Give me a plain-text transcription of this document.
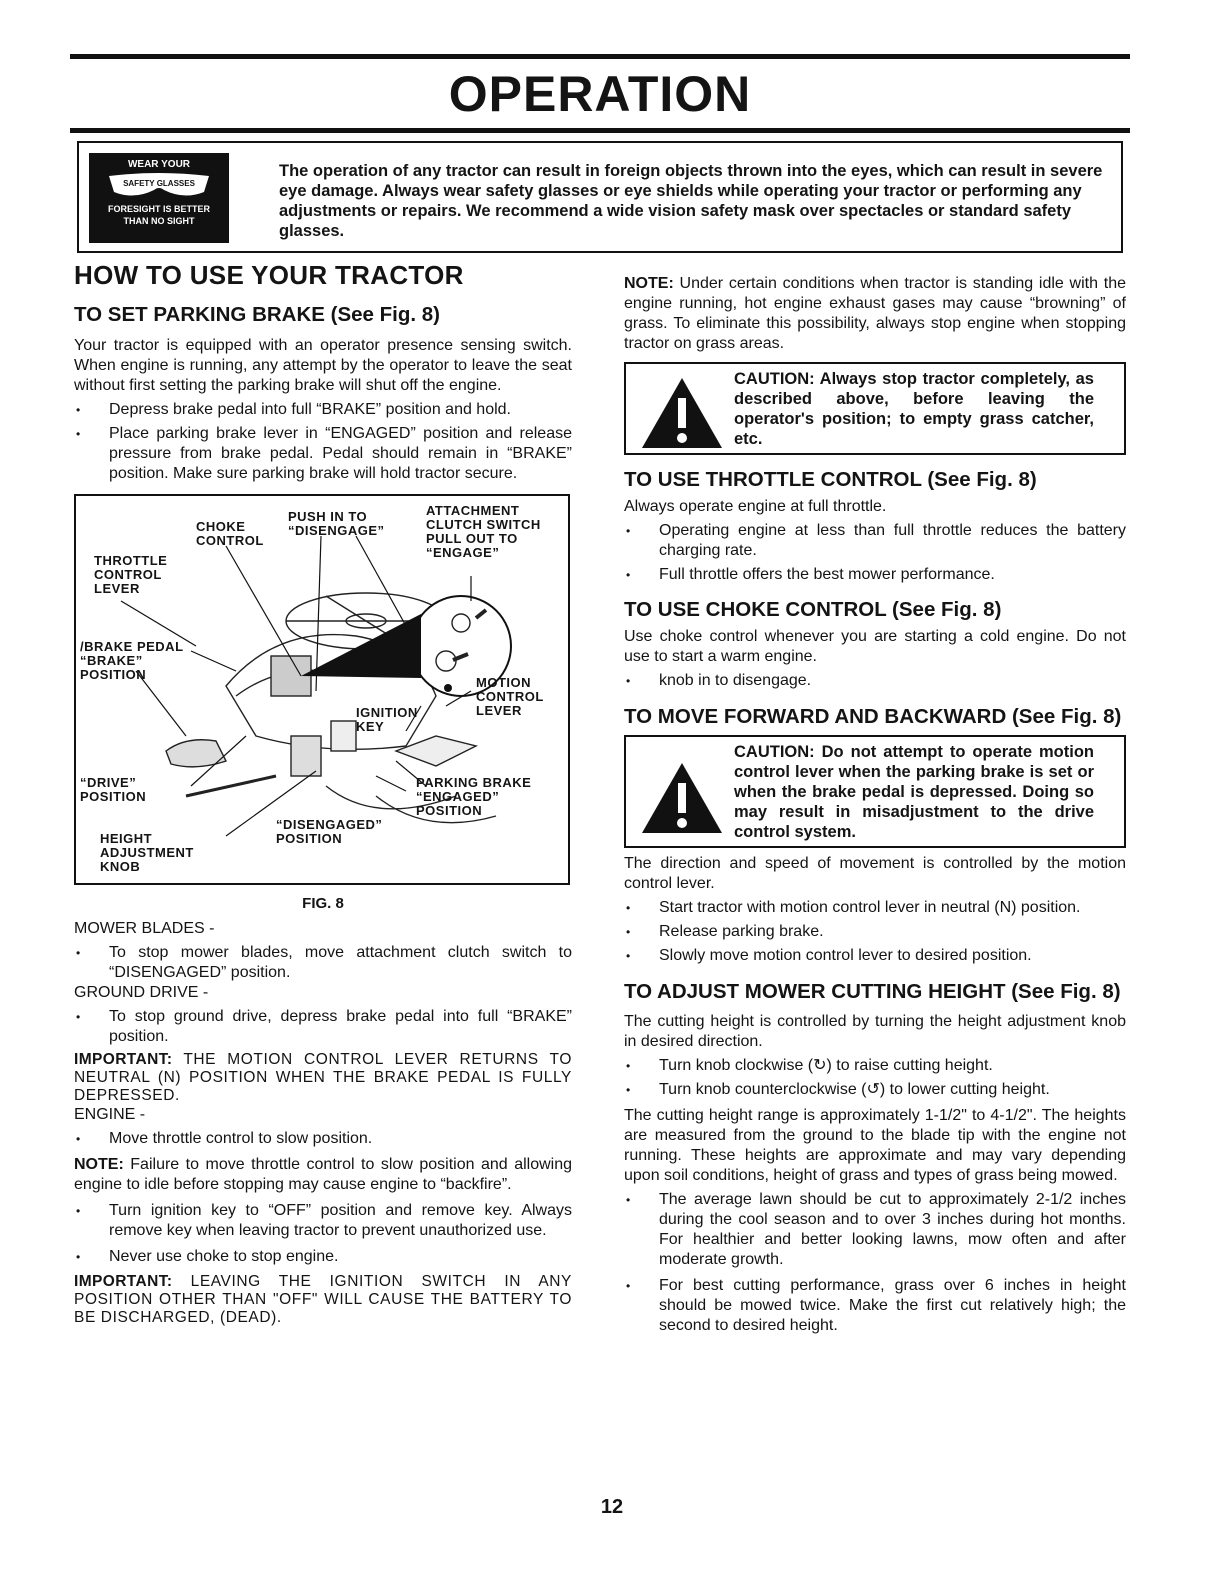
OPERATION
WEAR YOUR
SAFETY GLASSES
FORESIGHT IS BETTER
THAN NO SIGHT
The operation of any tractor can result in foreign objects thrown into the eyes, which can result in severe eye damage. Always wear safety glasses or eye shields while operating your tractor or performing any adjustments or repairs. We recommend a wide vision safety mask over spectacles or standard safety glasses.
HOW TO USE YOUR TRACTOR
TO SET PARKING BRAKE (See Fig. 8)

Your tractor is equipped with an operator presence sensing switch. When engine is running, any attempt by the operator to leave the seat without first setting the parking brake will shut off the engine.

• Depress brake pedal into full “BRAKE” position and hold.
• Place parking brake lever in “ENGAGED” position and release pressure from brake pedal. Pedal should remain in “BRAKE” position. Make sure parking brake will hold tractor secure.
PUSH IN TO
“DISENGAGE”
ATTACHMENT
CLUTCH SWITCH
PULL OUT TO
“ENGAGE”
CHOKE
CONTROL
THROTTLE
CONTROL
LEVER
/BRAKE PEDAL
“BRAKE”
POSITION
IGNITION
KEY
MOTION
CONTROL
LEVER
“DRIVE”
POSITION
PARKING BRAKE
“ENGAGED”
POSITION
“DISENGAGED”
POSITION
HEIGHT
ADJUSTMENT
KNOB
FIG. 8

MOWER BLADES -

• To stop mower blades, move attachment clutch switch to “DISENGAGED” position.

GROUND DRIVE -

• To stop ground drive, depress brake pedal into full “BRAKE” position.

IMPORTANT: THE MOTION CONTROL LEVER RETURNS TO NEUTRAL (N) POSITION WHEN THE BRAKE PEDAL IS FULLY DEPRESSED.

ENGINE -

• Move throttle control to slow position.

NOTE: Failure to move throttle control to slow position and allowing engine to idle before stopping may cause engine to “backfire”.

• Turn ignition key to “OFF” position and remove key. Always remove key when leaving tractor to prevent unauthorized use.
• Never use choke to stop engine.

IMPORTANT: LEAVING THE IGNITION SWITCH IN ANY POSITION OTHER THAN "OFF" WILL CAUSE THE BATTERY TO BE DISCHARGED, (DEAD).

NOTE: Under certain conditions when tractor is standing idle with the engine running, hot engine exhaust gases may cause “browning” of grass. To eliminate this possibility, always stop engine when stopping tractor on grass areas.

CAUTION: Always stop tractor completely, as described above, before leaving the operator's position; to empty grass catcher, etc.
TO USE THROTTLE CONTROL (See Fig. 8)

Always operate engine at full throttle.

• Operating engine at less than full throttle reduces the battery charging rate.
• Full throttle offers the best mower performance.
TO USE CHOKE CONTROL (See Fig. 8)

Use choke control whenever you are starting a cold engine. Do not use to start a warm engine.

• knob in to disengage.
TO MOVE FORWARD AND BACKWARD (See Fig. 8)
CAUTION: Do not attempt to operate motion control lever when the parking brake is set or when the brake pedal is depressed. Doing so may result in misadjustment to the drive control system.

The direction and speed of movement is controlled by the motion control lever.

• Start tractor with motion control lever in neutral (N) position.
• Release parking brake.
• Slowly move motion control lever to desired position.
TO ADJUST MOWER CUTTING HEIGHT (See Fig. 8)

The cutting height is controlled by turning the height adjustment knob in desired direction.

• Turn knob clockwise (↻) to raise cutting height.
• Turn knob counterclockwise (↺) to lower cutting height.

The cutting height range is approximately 1-1/2" to 4-1/2". The heights are measured from the ground to the blade tip with the engine not running. These heights are approximate and may vary depending upon soil conditions, height of grass and types of grass being mowed.

• The average lawn should be cut to approximately 2-1/2 inches during the cool season and to over 3 inches during hot months. For healthier and better looking lawns, mow often and after moderate growth.
• For best cutting performance, grass over 6 inches in height should be mowed twice. Make the first cut relatively high; the second to desired height.
12
